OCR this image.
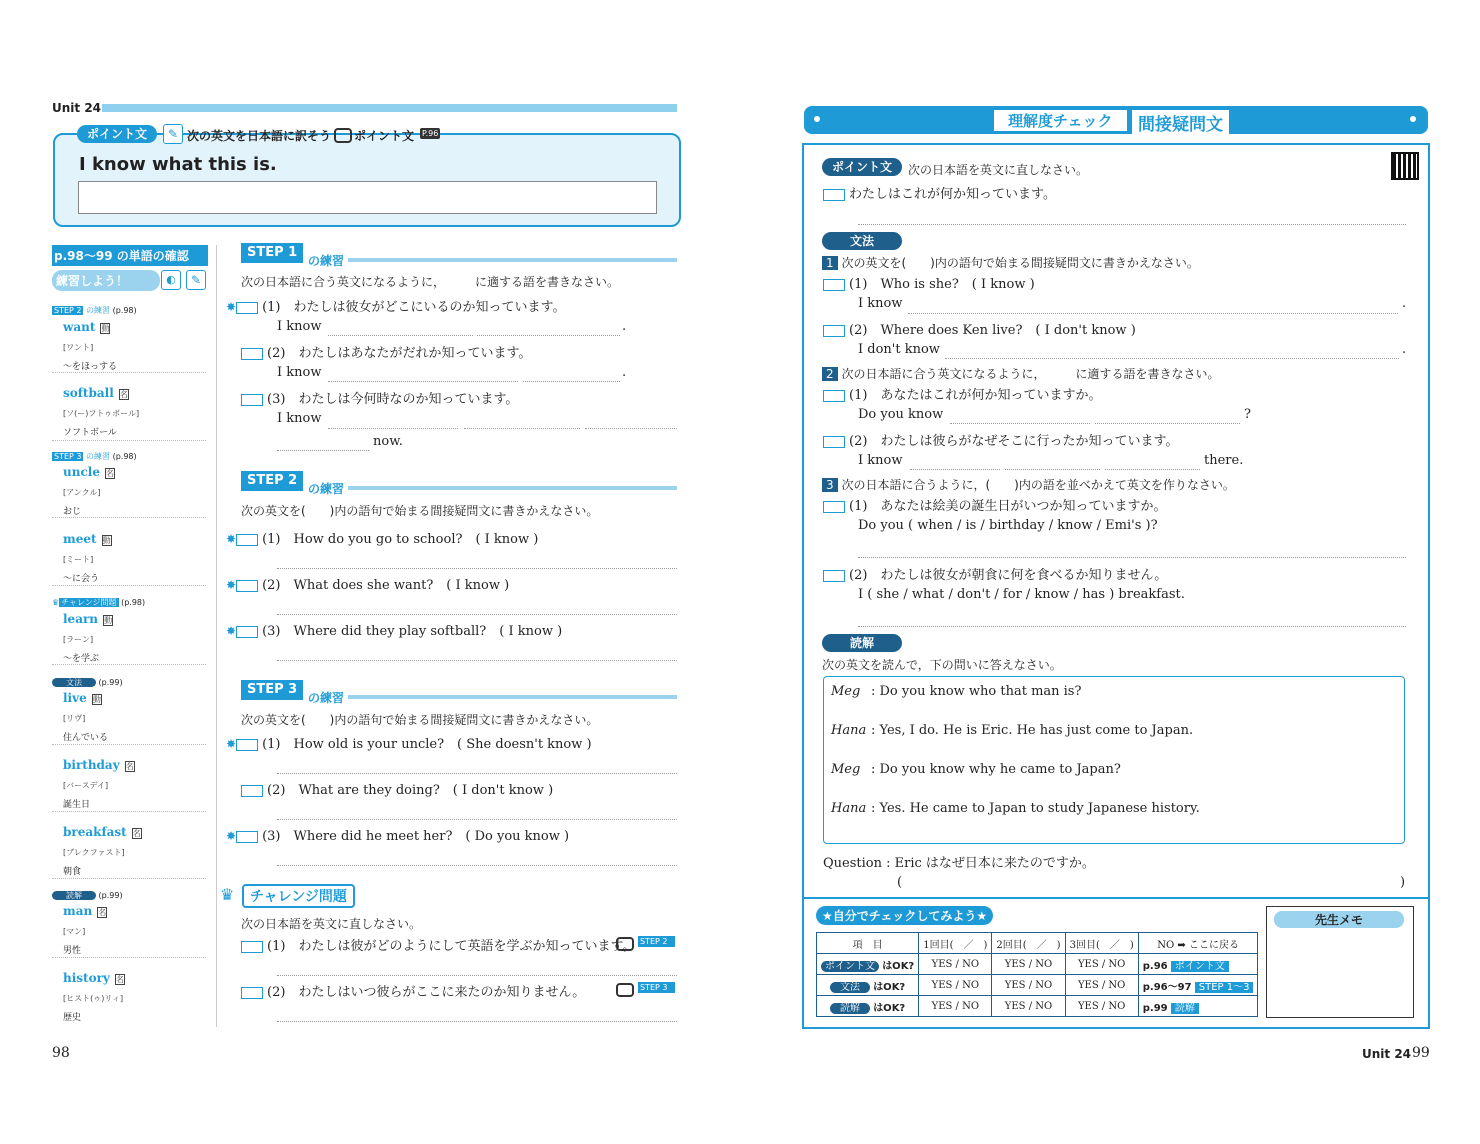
Unit 24
ポイント文	✎ 次の英文を日本語に訳そう ポイント文 P.96
I know what this is.
p.98～99 の単語の確認
練習しよう！	◐	✎
STEP 2 の練習 (p.98)
STEP 3 の練習 (p.98)
♛ チャレンジ問題 (p.98)
文法 (p.99)
読解 (p.99)
want 動
[ワント]
～をほっする
softball 名
[ソ(ー)フトゥボール]
ソフトボール
uncle 名
[アンクル]
おじ
meet 動
[ミート]
～に会う
learn 動
[ラーン]
～を学ぶ
live 動
[リヴ]
住んでいる
birthday 名
[バースデイ]
誕生日
breakfast 名
[ブレクファスト]
朝食
man 名
[マン]
男性
history 名
[ヒスト(ゥ)リィ]
歴史
STEP 1
の練習
次の日本語に合う英文になるように，　　　に適する語を書きなさい。
✸ (1)　 わたしは彼女がどこにいるのか知っています。
I know	.
(2)　 わたしはあなたがだれか知っています。
I know	.
(3)　 わたしは今何時なのか知っています。
I know
now.
STEP 2
の練習
次の英文を(　　)内の語句で始まる間接疑問文に書きかえなさい。
✸ (1)　 How do you go to school?　( I know )
✸ (2)　 What does she want?　( I know )
✸ (3)　 Where did they play softball?　( I know )
STEP 3
の練習
次の英文を(　　)内の語句で始まる間接疑問文に書きかえなさい。
✸ (1)　 How old is your uncle?　( She doesn't know )
(2)　 What are they doing?　( I don't know )
✸ (3)　 Where did he meet her?　( Do you know )
♛	チャレンジ問題
次の日本語を英文に直しなさい。
(1)　 わたしは彼がどのようにして英語を学ぶか知っています。 STEP 2
(2)　 わたしはいつ彼らがここに来たのか知りません。	STEP 3
98
理解度チェック	間接疑問文
ポイント文	次の日本語を英文に直しなさい。
わたしはこれが何か知っています。
文法
1 次の英文を(　　)内の語句で始まる間接疑問文に書きかえなさい。
(1)　 Who is she?　( I know )
I know	.
(2)　 Where does Ken live?　( I don't know )
I don't know	.
2 次の日本語に合う英文になるように，　　　に適する語を書きなさい。
(1)　 あなたはこれが何か知っていますか。
Do you know	?
(2)　 わたしは彼らがなぜそこに行ったか知っています。
I know	there.
3 次の日本語に合うように，(　　)内の語を並べかえて英文を作りなさい。
(1)　 あなたは絵美の誕生日がいつか知っていますか。
Do you ( when / is / birthday / know / Emi's )?
(2)　 わたしは彼女が朝食に何を食べるか知りません。
I ( she / what / don't / for / know / has ) breakfast.
読解
次の英文を読んで，下の問いに答えなさい。
Meg : Do you know who that man is?
Hana : Yes, I do. He is Eric. He has just come to Japan.
Meg : Do you know why he came to Japan?
Hana : Yes. He came to Japan to study Japanese history.
Question : Eric はなぜ日本に来たのですか。
(	)
★自分でチェックしてみよう★
項　目	1回目(　／　)	2回目(　／　)	3回目(　／　)	NO ➡ ここに戻る
ポイント文 はOK?	YES / NO	YES / NO	YES / NO	p.96 ポイント文
文法 はOK?	YES / NO	YES / NO	YES / NO	p.96～97 STEP 1～3
読解 はOK?	YES / NO	YES / NO	YES / NO	p.99 読解
先生メモ
Unit 24 99
